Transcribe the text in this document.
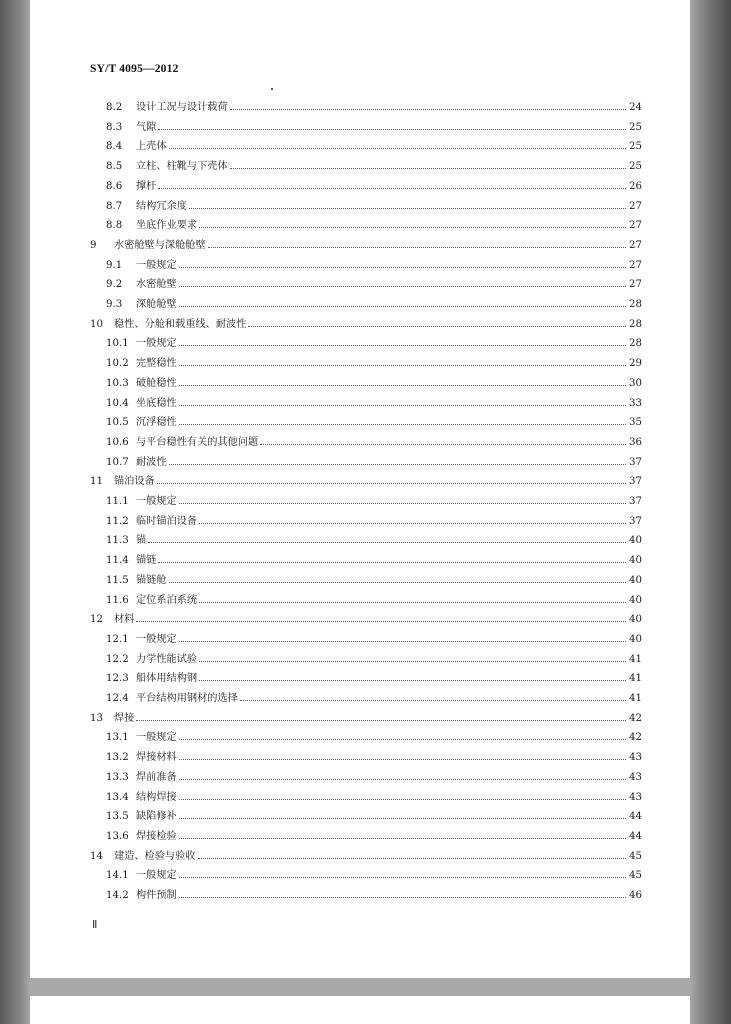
SY/T 4095—2012
8.2	设计工况与设计载荷	24
8.3	气隙	25
8.4	上壳体	25
8.5	立柱、柱靴与下壳体	25
8.6	撑杆	26
8.7	结构冗余度	27
8.8	坐底作业要求	27
9	水密舱壁与深舱舱壁	27
9.1	一般规定	27
9.2	水密舱壁	27
9.3	深舱舱壁	28
10	稳性、分舱和载重线、耐波性	28
10.1 一般规定	28
10.2 完整稳性	29
10.3 破舱稳性	30
10.4 坐底稳性	33
10.5 沉浮稳性	35
10.6 与平台稳性有关的其他问题	36
10.7 耐波性	37
11	锚泊设备	37
11.1 一般规定	37
11.2 临时锚泊设备	37
11.3 锚	40
11.4 锚链	40
11.5 锚链舱	40
11.6 定位系泊系统	40
12	材料	40
12.1 一般规定	40
12.2 力学性能试验	41
12.3 船体用结构钢	41
12.4 平台结构用钢材的选择	41
13	焊接	42
13.1 一般规定	42
13.2 焊接材料	43
13.3 焊前准备	43
13.4 结构焊接	43
13.5 缺陷修补	44
13.6 焊接检验	44
14	建造、检验与验收	45
14.1 一般规定	45
14.2 构件预制	46
Ⅱ
